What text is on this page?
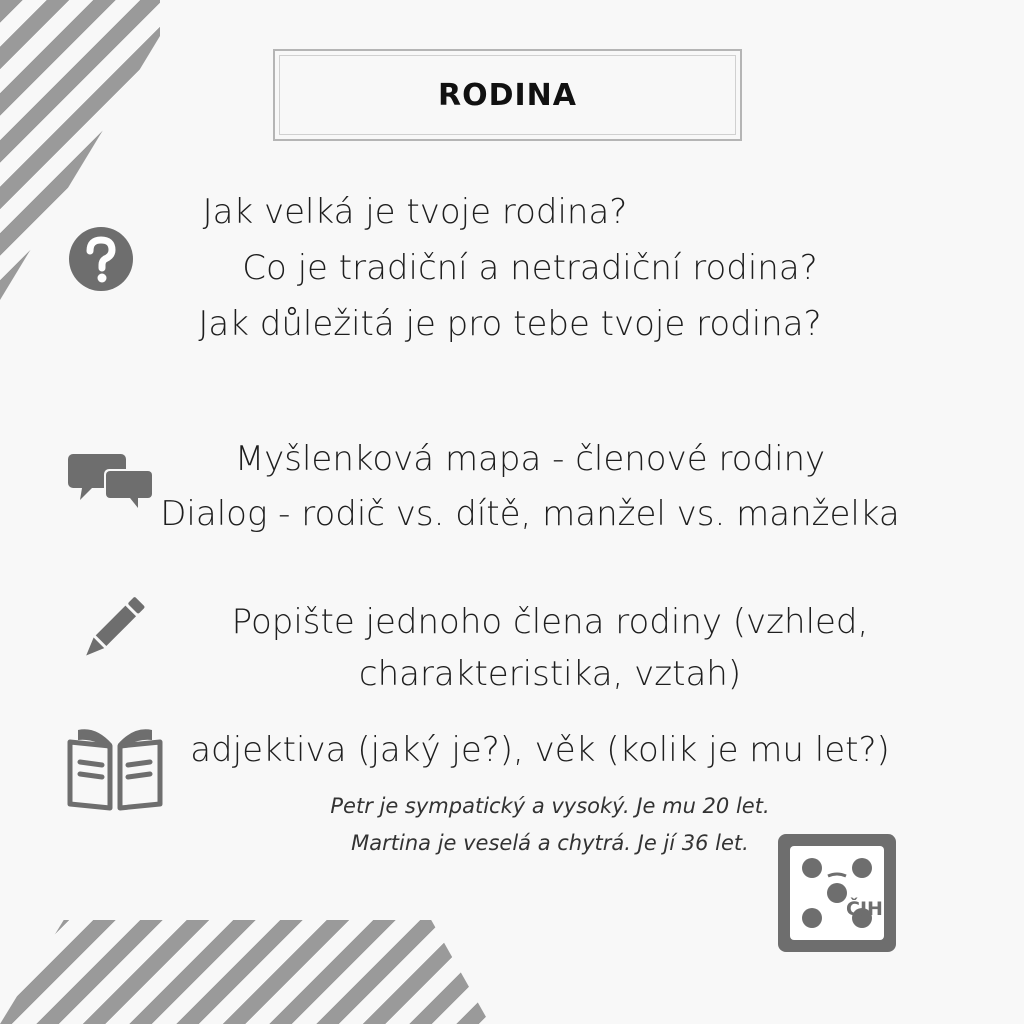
RODINA
Jak velká je tvoje rodina?
Co je tradiční a netradiční rodina?
Jak důležitá je pro tebe tvoje rodina?
Myšlenková mapa - členové rodiny
Dialog - rodič vs. dítě, manžel vs. manželka
Popište jednoho člena rodiny (vzhled,
charakteristika, vztah)
adjektiva (jaký je?), věk (kolik je mu let?)
Petr je sympatický a vysoký. Je mu 20 let.
Martina je veselá a chytrá. Je jí 36 let.
ČJH
